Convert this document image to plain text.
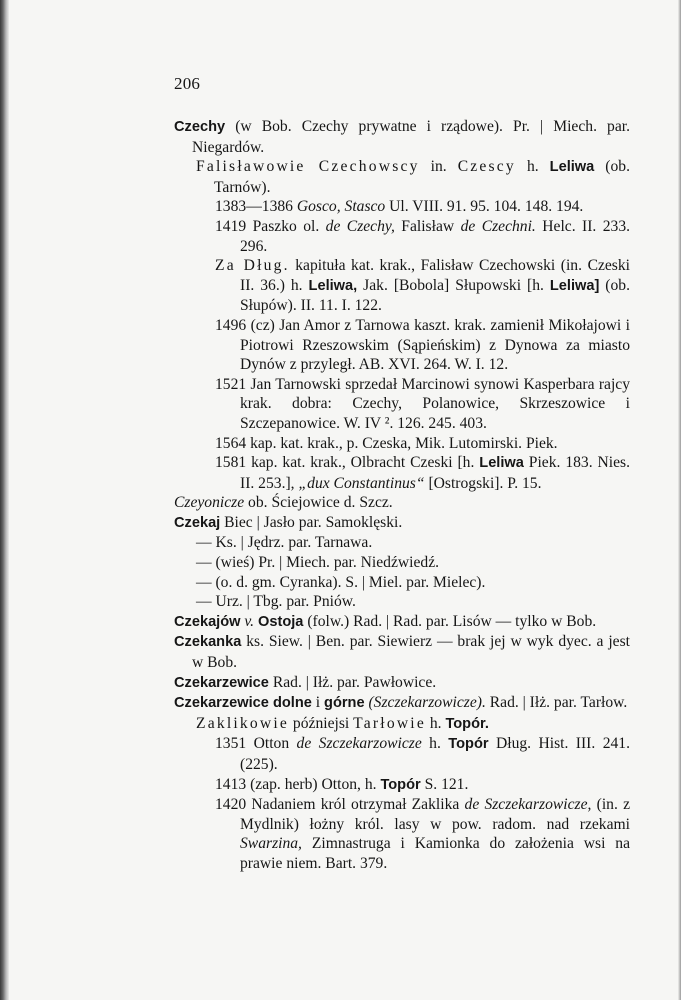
206

Czechy (w Bob. Czechy prywatne i rządowe). Pr. | Miech. par. Niegardów.

Falisławowie Czechowscy in. Czescy h. Leliwa (ob. Tarnów).

1383—1386 Gosco, Stasco Ul. VIII. 91. 95. 104. 148. 194.

1419 Paszko ol. de Czechy, Falisław de Czechni. Helc. II. 233. 296.

Za Dług. kapituła kat. krak., Falisław Czechowski (in. Czeski II. 36.) h. Leliwa, Jak. [Bobola] Słupowski [h. Leliwa] (ob. Słupów). II. 11. I. 122.

1496 (cz) Jan Amor z Tarnowa kaszt. krak. zamienił Mikołajowi i Piotrowi Rzeszowskim (Sąpieńskim) z Dynowa za miasto Dynów z przyległ. AB. XVI. 264. W. I. 12.

1521 Jan Tarnowski sprzedał Marcinowi synowi Kasperbara rajcy krak. dobra: Czechy, Polanowice, Skrzeszowice i Szczepanowice. W. IV ². 126. 245. 403.

1564 kap. kat. krak., p. Czeska, Mik. Lutomirski. Piek.

1581 kap. kat. krak., Olbracht Czeski [h. Leliwa Piek. 183. Nies. II. 253.], „dux Constantinus“ [Ostrogski]. P. 15.

Czeyonicze ob. Ściejowice d. Szcz.

Czekaj Biec | Jasło par. Samoklęski.

— Ks. | Jędrz. par. Tarnawa.

— (wieś) Pr. | Miech. par. Niedźwiedź.

— (o. d. gm. Cyranka). S. | Miel. par. Mielec).

— Urz. | Tbg. par. Pniów.

Czekajów v. Ostoja (folw.) Rad. | Rad. par. Lisów — tylko w Bob.

Czekanka ks. Siew. | Ben. par. Siewierz — brak jej w wyk dyec. a jest w Bob.

Czekarzewice Rad. | Iłż. par. Pawłowice.

Czekarzewice dolne i górne (Szczekarzowicze). Rad. | Iłż. par. Tarłow.

Zaklikowie późniejsi Tarłowie h. Topór.

1351 Otton de Szczekarzowicze h. Topór Dług. Hist. III. 241. (225).

1413 (zap. herb) Otton, h. Topór S. 121.

1420 Nadaniem król otrzymał Zaklika de Szczekarzowicze, (in. z Mydlnik) łożny król. lasy w pow. radom. nad rzekami Swarzina, Zimnastruga i Kamionka do założenia wsi na prawie niem. Bart. 379.
